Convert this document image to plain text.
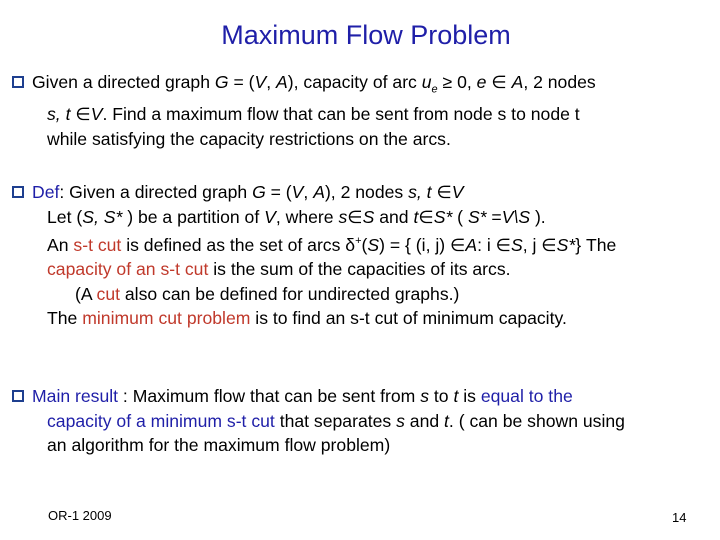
Maximum Flow Problem
Given a directed graph G = (V, A), capacity of arc $u_e \ge 0$, e ∈ A, 2 nodes
s, t ∈V. Find a maximum flow that can be sent from node s to node t
while satisfying the capacity restrictions on the arcs.
Def: Given a directed graph G = (V, A), 2 nodes s, t ∈V
Let (S, S* ) be a partition of V, where s∈S and t∈S* ( S* =V\S ).
An s-t cut is defined as the set of arcs δ+(S) = { (i, j) ∈A: i ∈S, j ∈S*} The
capacity of an s-t cut is the sum of the capacities of its arcs.
(A cut also can be defined for undirected graphs.)
The minimum cut problem is to find an s-t cut of minimum capacity.
Main result : Maximum flow that can be sent from s to t is equal to the
capacity of a minimum s-t cut that separates s and t. ( can be shown using
an algorithm for the maximum flow problem)
OR-1 2009	14
